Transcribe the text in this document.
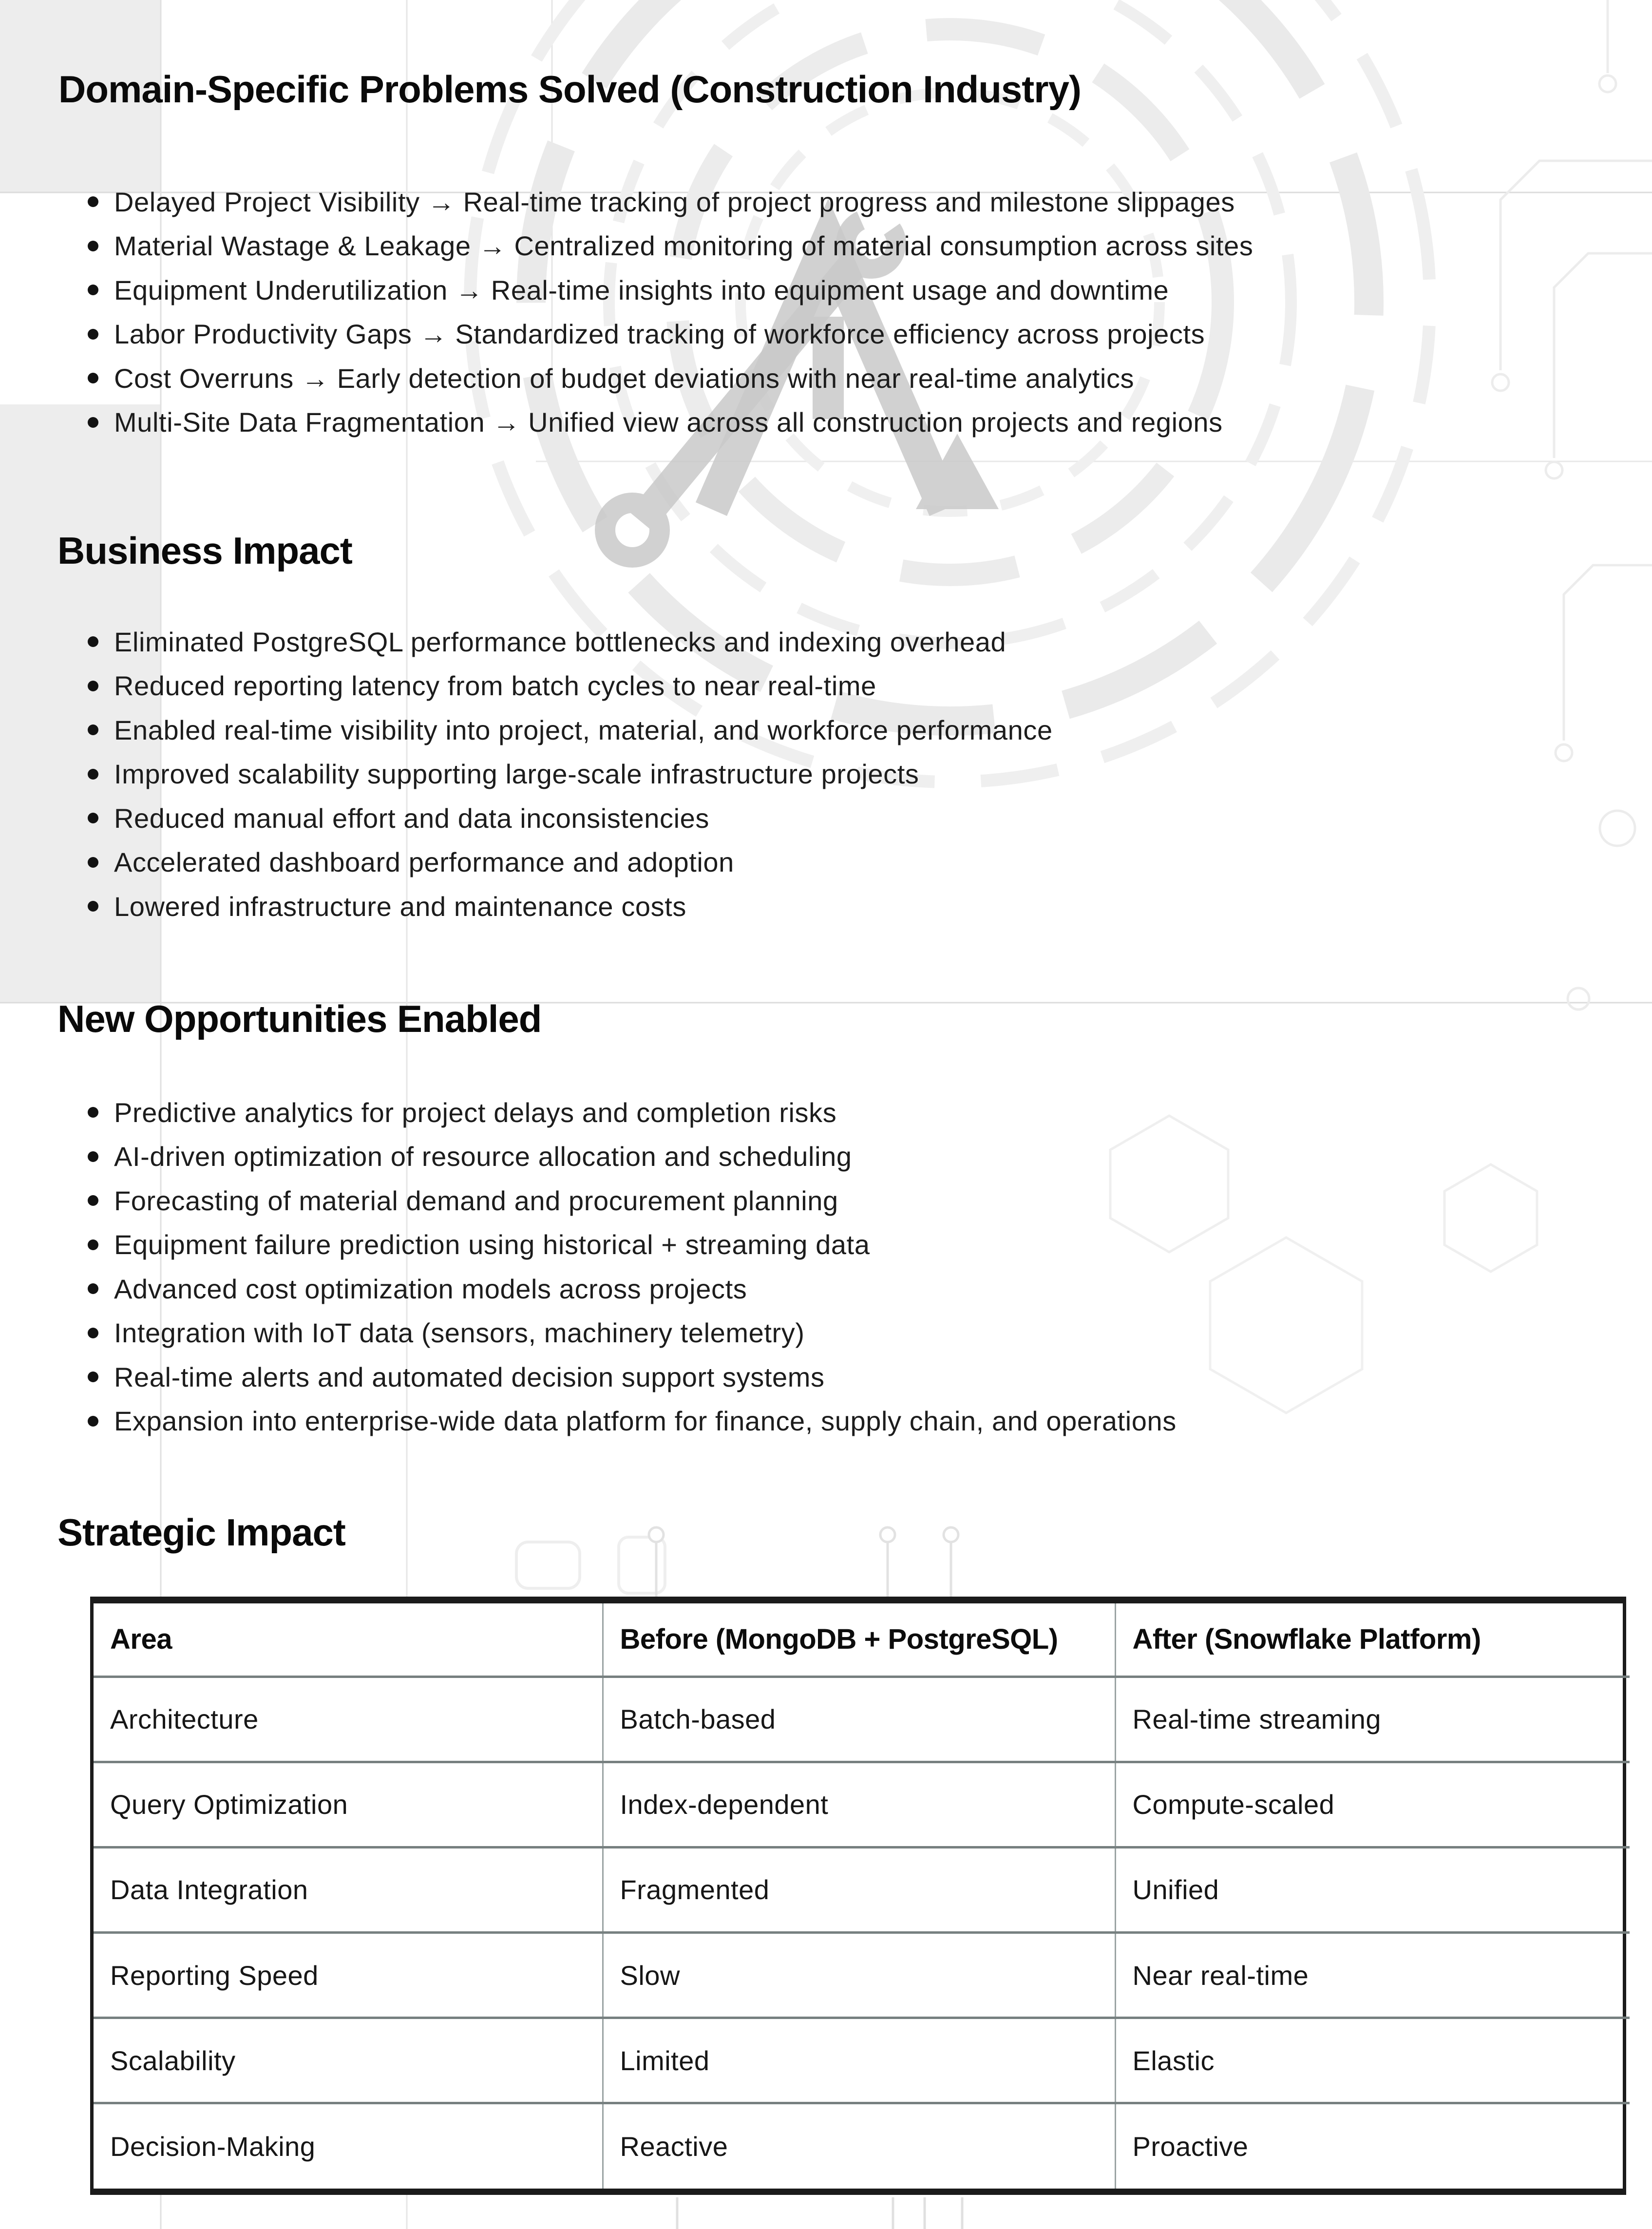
Domain-Specific Problems Solved (Construction Industry)
Delayed Project Visibility → Real-time tracking of project progress and milestone slippages
Material Wastage & Leakage → Centralized monitoring of material consumption across sites
Equipment Underutilization → Real-time insights into equipment usage and downtime
Labor Productivity Gaps → Standardized tracking of workforce efficiency across projects
Cost Overruns → Early detection of budget deviations with near real-time analytics
Multi-Site Data Fragmentation → Unified view across all construction projects and regions
Business Impact
Eliminated PostgreSQL performance bottlenecks and indexing overhead
Reduced reporting latency from batch cycles to near real-time
Enabled real-time visibility into project, material, and workforce performance
Improved scalability supporting large-scale infrastructure projects
Reduced manual effort and data inconsistencies
Accelerated dashboard performance and adoption
Lowered infrastructure and maintenance costs
New Opportunities Enabled
Predictive analytics for project delays and completion risks
AI-driven optimization of resource allocation and scheduling
Forecasting of material demand and procurement planning
Equipment failure prediction using historical + streaming data
Advanced cost optimization models across projects
Integration with IoT data (sensors, machinery telemetry)
Real-time alerts and automated decision support systems
Expansion into enterprise-wide data platform for finance, supply chain, and operations
Strategic Impact
Area	Before (MongoDB + PostgreSQL)	After (Snowflake Platform)
Architecture	Batch-based	Real-time streaming
Query Optimization	Index-dependent	Compute-scaled
Data Integration	Fragmented	Unified
Reporting Speed	Slow	Near real-time
Scalability	Limited	Elastic
Decision-Making	Reactive	Proactive
